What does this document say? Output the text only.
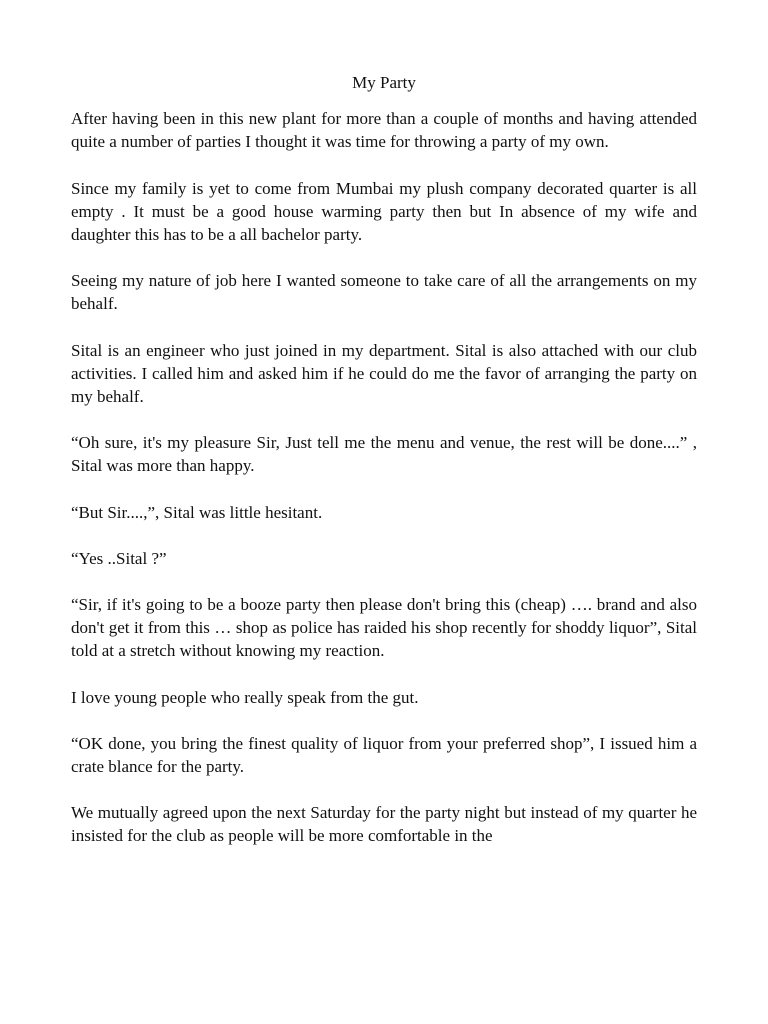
My Party

After having been in this new plant for more than a couple of months and having attended quite a number of parties I thought it was time for throwing a party of my own.

Since my family is yet to come from Mumbai my plush company decorated quarter is all empty . It must be a good house warming party then but In absence of my wife and daughter this has to be a all bachelor party.

Seeing my nature of job here I wanted someone to take care of all the arrangements on my behalf.

Sital is an engineer who just joined in my department. Sital is also attached with our club activities. I called him and asked him if he could do me the favor of arranging the party on my behalf.

“Oh sure, it's my pleasure Sir, Just tell me the menu and venue, the rest will be done....” , Sital was more than happy.

“But Sir....,”, Sital was little hesitant.

“Yes ..Sital ?”

“Sir, if it's going to be a booze party then please don't bring this (cheap) …. brand and also don't get it from this … shop as police has raided his shop recently for shoddy liquor”, Sital told at a stretch without knowing my reaction.

I love young people who really speak from the gut.

“OK done, you bring the finest quality of liquor from your preferred shop”, I issued him a crate blance for the party.

We mutually agreed upon the next Saturday for the party night but instead of my quarter he insisted for the club as people will be more comfortable in the
